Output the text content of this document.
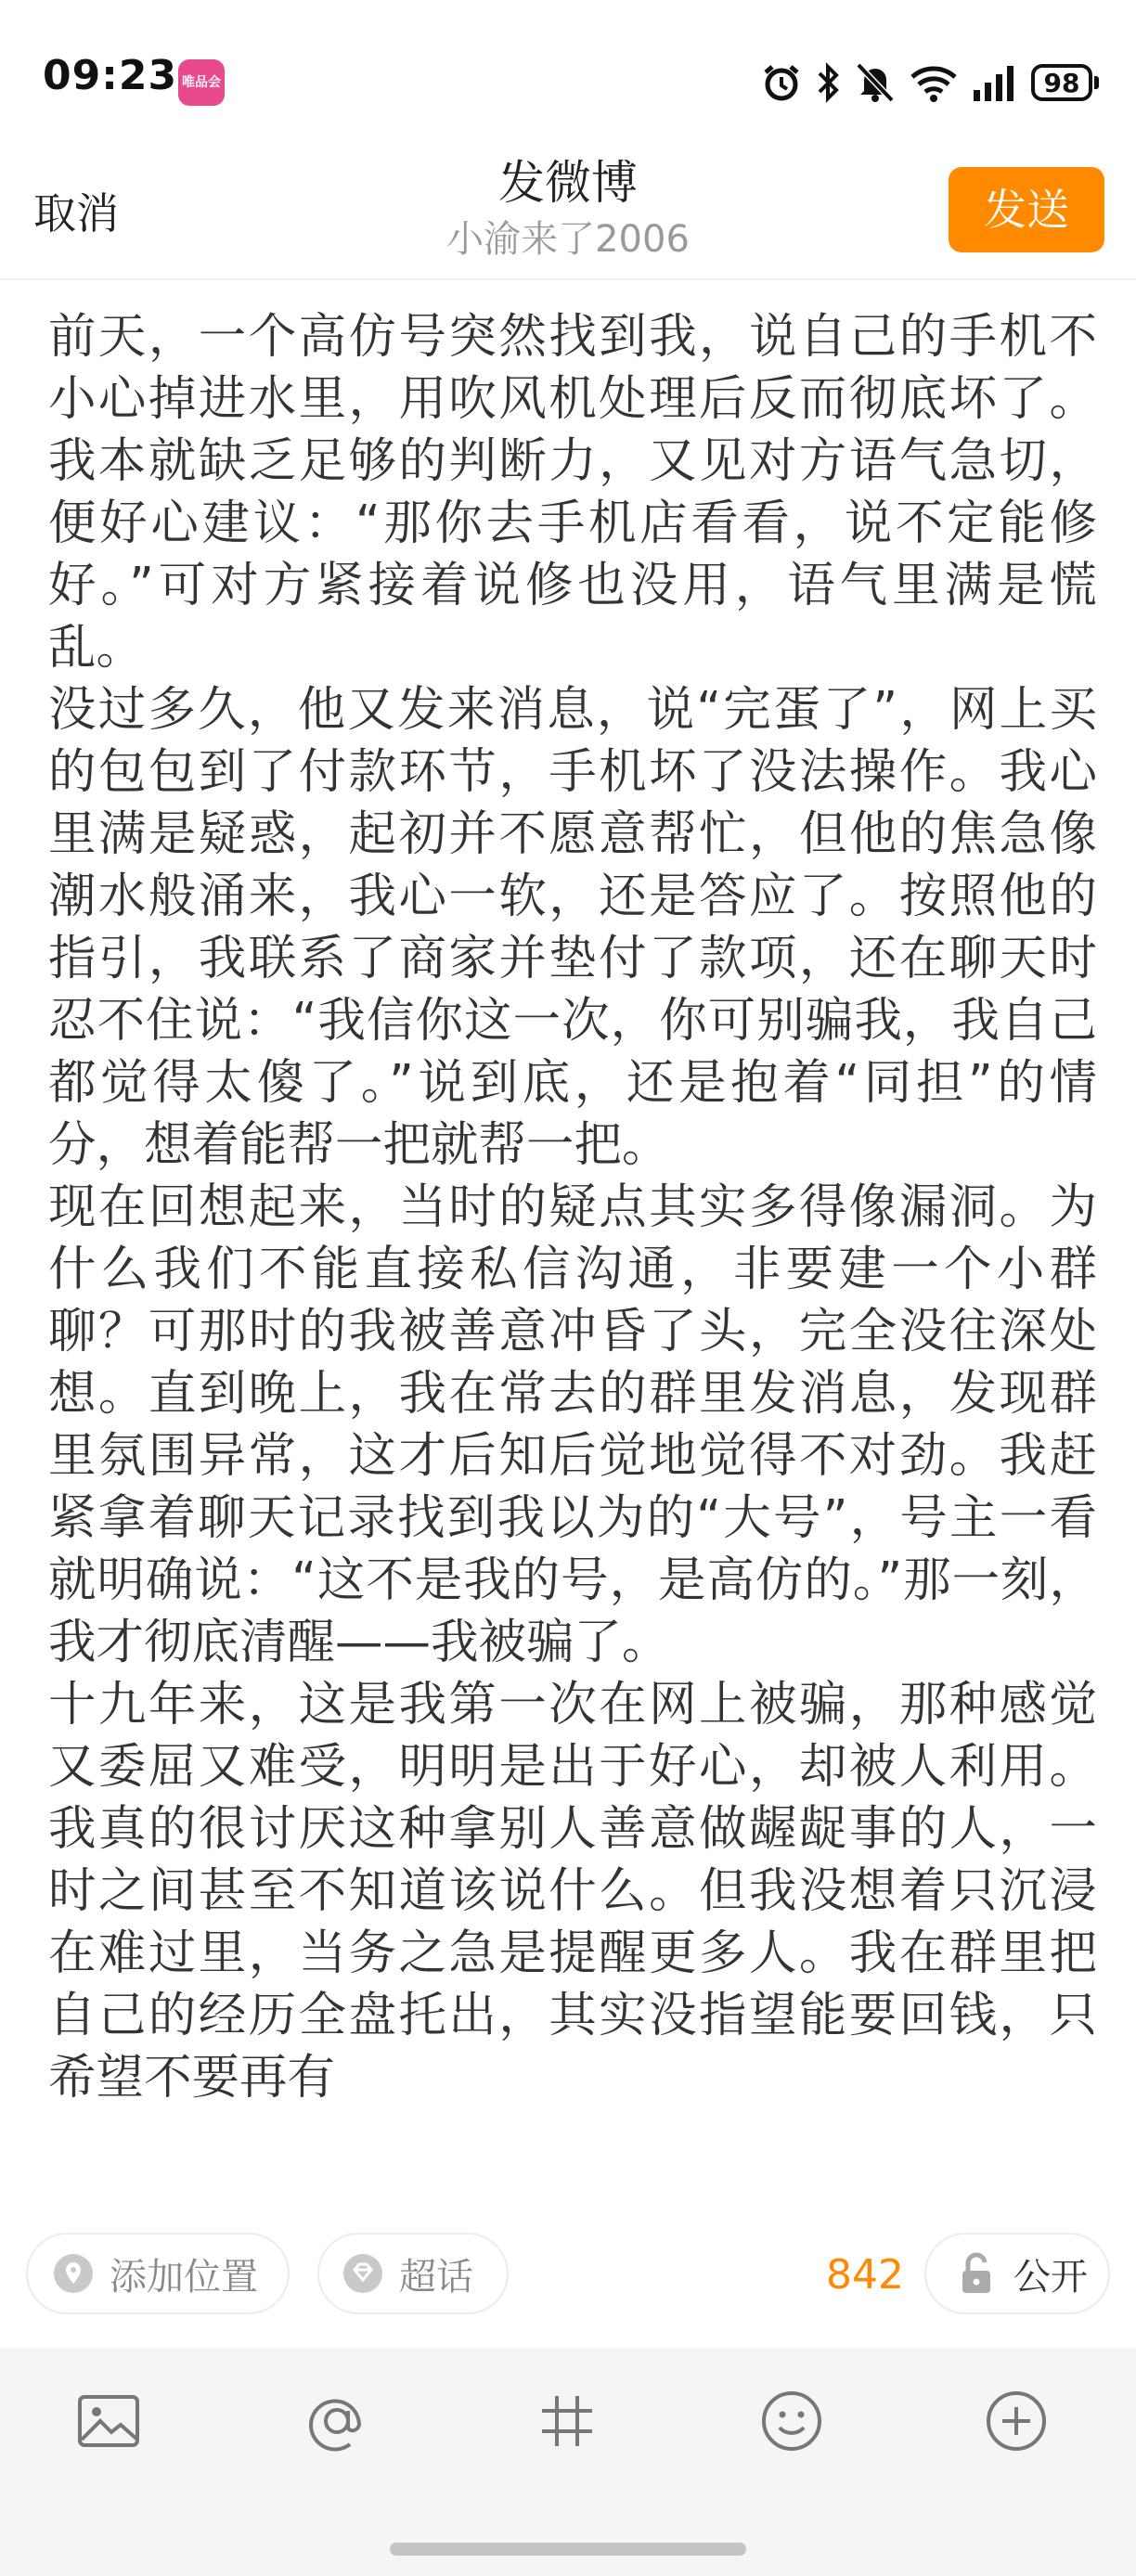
09:23 唯品会	98
取消
发微博
小渝来了2006
发送

前天，一个高仿号突然找到我，说自己的手机不小心掉进水里，用吹风机处理后反而彻底坏了。我本就缺乏足够的判断力，又见对方语气急切，便好心建议：“那你去手机店看看，说不定能修好。”可对方紧接着说修也没用，语气里满是慌乱。

没过多久，他又发来消息，说“完蛋了”，网上买的包包到了付款环节，手机坏了没法操作。我心里满是疑惑，起初并不愿意帮忙，但他的焦急像潮水般涌来，我心一软，还是答应了。按照他的指引，我联系了商家并垫付了款项，还在聊天时忍不住说：“我信你这一次，你可别骗我，我自己都觉得太傻了。”说到底，还是抱着“同担”的情分，想着能帮一把就帮一把。

现在回想起来，当时的疑点其实多得像漏洞。为什么我们不能直接私信沟通，非要建一个小群聊？可那时的我被善意冲昏了头，完全没往深处想。直到晚上，我在常去的群里发消息，发现群里氛围异常，这才后知后觉地觉得不对劲。我赶紧拿着聊天记录找到我以为的“大号”，号主一看就明确说：“这不是我的号，是高仿的。”那一刻，我才彻底清醒——我被骗了。

十九年来，这是我第一次在网上被骗，那种感觉又委屈又难受，明明是出于好心，却被人利用。我真的很讨厌这种拿别人善意做龌龊事的人，一时之间甚至不知道该说什么。但我没想着只沉浸在难过里，当务之急是提醒更多人。我在群里把自己的经历全盘托出，其实没指望能要回钱，只希望不要再有

添加位置	超话	842	公开
